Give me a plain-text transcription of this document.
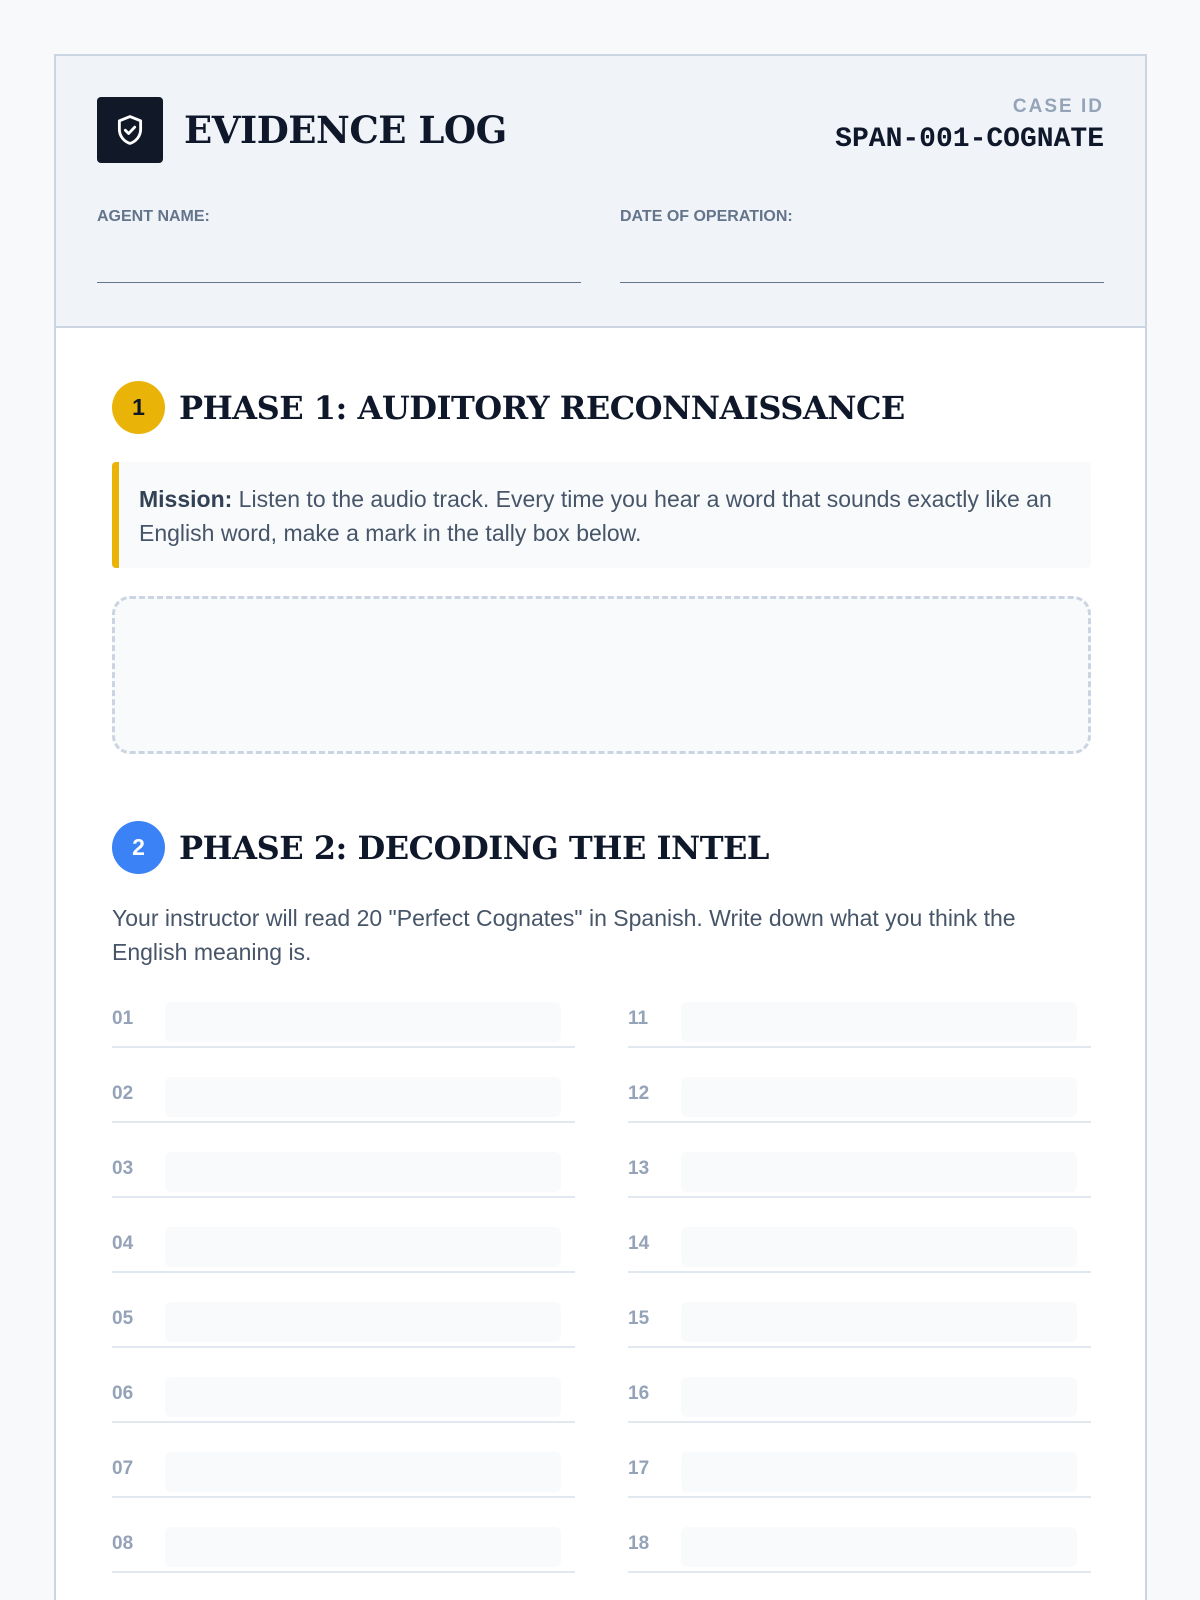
EVIDENCE LOG
CASE ID
SPAN-001-COGNATE
AGENT NAME:	DATE OF OPERATION:
1	PHASE 1: AUDITORY RECONNAISSANCE
Mission: Listen to the audio track. Every time you hear a word that sounds exactly like an English word, make a mark in the tally box below.
2	PHASE 2: DECODING THE INTEL
Your instructor will read 20 "Perfect Cognates" in Spanish. Write down what you think the English meaning is.
01
02
03
04
05
06
07
08
11
12
13
14
15
16
17
18
